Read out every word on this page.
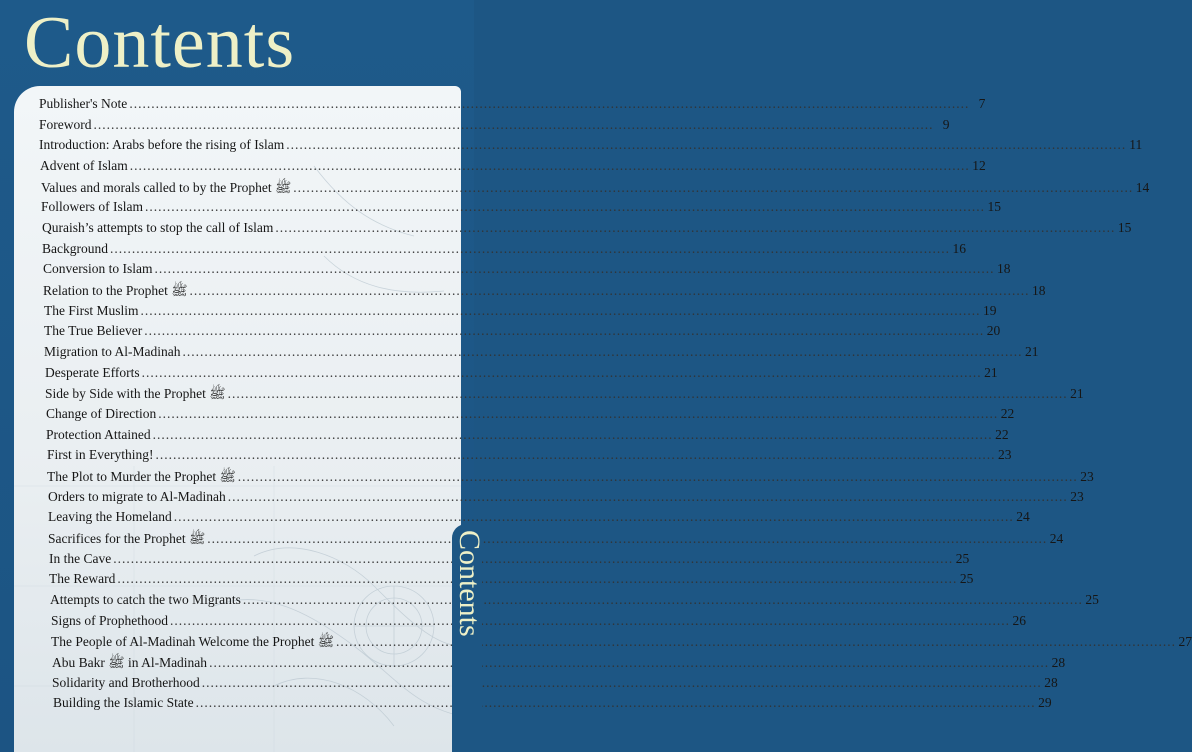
Contents
Publisher's Note .....	7
Foreword .....	9
Introduction: Arabs before the rising of Islam .....	11
Advent of Islam .....	12
Values and morals called to by the Prophet ﷺ .....	14
Followers of Islam .....	15
Quraish’s attempts to stop the call of Islam .....	15
Background .....	16
Conversion to Islam .....	18
Relation to the Prophet ﷺ .....	18
The First Muslim .....	19
The True Believer .....	20
Migration to Al-Madinah .....	21
Desperate Efforts .....	21
Side by Side with the Prophet ﷺ .....	21
Change of Direction .....	22
Protection Attained .....	22
First in Everything! .....	23
The Plot to Murder the Prophet ﷺ .....	23
Orders to migrate to Al-Madinah .....	23
Leaving the Homeland .....	24
Sacrifices for the Prophet ﷺ .....	24
In the Cave .....	25
The Reward .....	25
Attempts to catch the two Migrants .....	25
Signs of Prophethood .....	26
The People of Al-Madinah Welcome the Prophet ﷺ .....	27
Abu Bakr ﷺ in Al-Madinah .....	28
Solidarity and Brotherhood .....	28
Building the Islamic State .....	29
Contents
